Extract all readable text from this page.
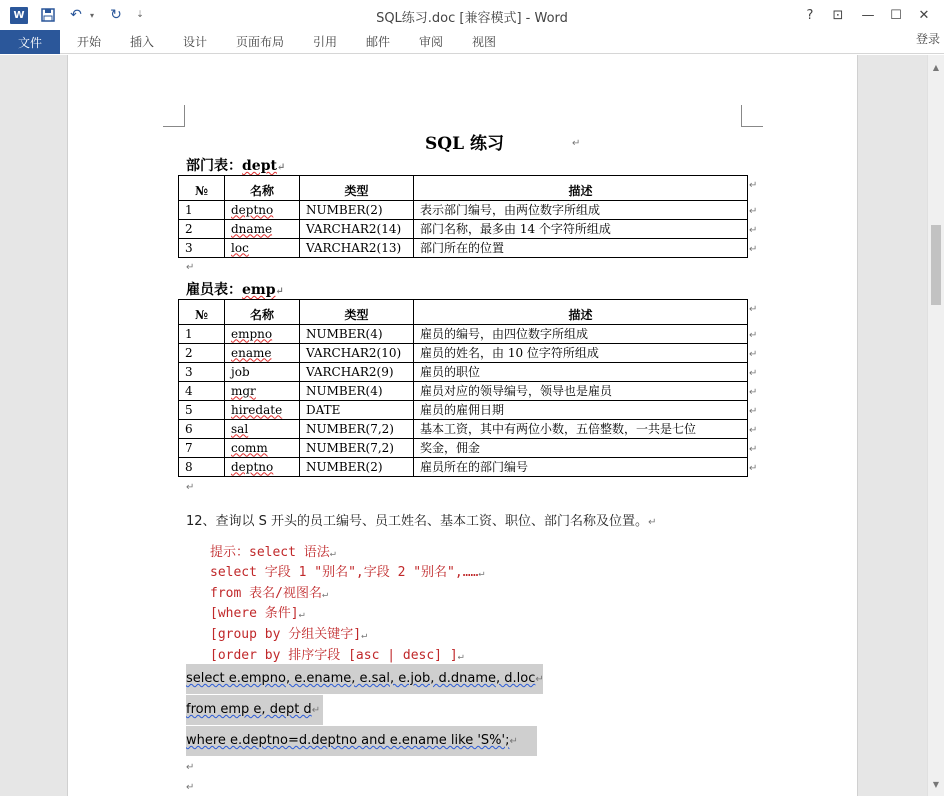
W	↶	▾ ↻	⇣	SQL练习.doc [兼容模式] - Word	?	⊡	—	☐	✕
文件	开始 插入 设计 页面布局 引用 邮件 审阅 视图	登录
▲
▼
SQL 练习	↵
部门表：dept↵
№	名称	类型	描述
1	deptno	NUMBER(2)	表示部门编号，由两位数字所组成
2	dname	VARCHAR2(14)	部门名称，最多由 14 个字符所组成
3	loc	VARCHAR2(13)	部门所在的位置
↵
↵
↵
↵
↵
雇员表：emp↵
№	名称	类型	描述
1	empno	NUMBER(4)	雇员的编号，由四位数字所组成
2	ename	VARCHAR2(10)	雇员的姓名，由 10 位字符所组成
3	job	VARCHAR2(9)	雇员的职位
4	mgr	NUMBER(4)	雇员对应的领导编号，领导也是雇员
5	hiredate	DATE	雇员的雇佣日期
6	sal	NUMBER(7,2)	基本工资，其中有两位小数，五倍整数，一共是七位
7	comm	NUMBER(7,2)	奖金，佣金
8	deptno	NUMBER(2)	雇员所在的部门编号
↵
↵
↵
↵
↵
↵
↵
↵
↵
↵
12、查询以 S 开头的员工编号、员工姓名、基本工资、职位、部门名称及位置。↵
提示：select 语法↵
select 字段 1 "别名",字段 2 "别名",……↵
from 表名/视图名↵
[where 条件]↵
[group by 分组关键字]↵
[order by 排序字段 [asc | desc] ]↵
select e.empno, e.ename, e.sal, e.job, d.dname, d.loc↵
from emp e, dept d↵
where e.deptno=d.deptno and e.ename like 'S%';↵
↵
↵
